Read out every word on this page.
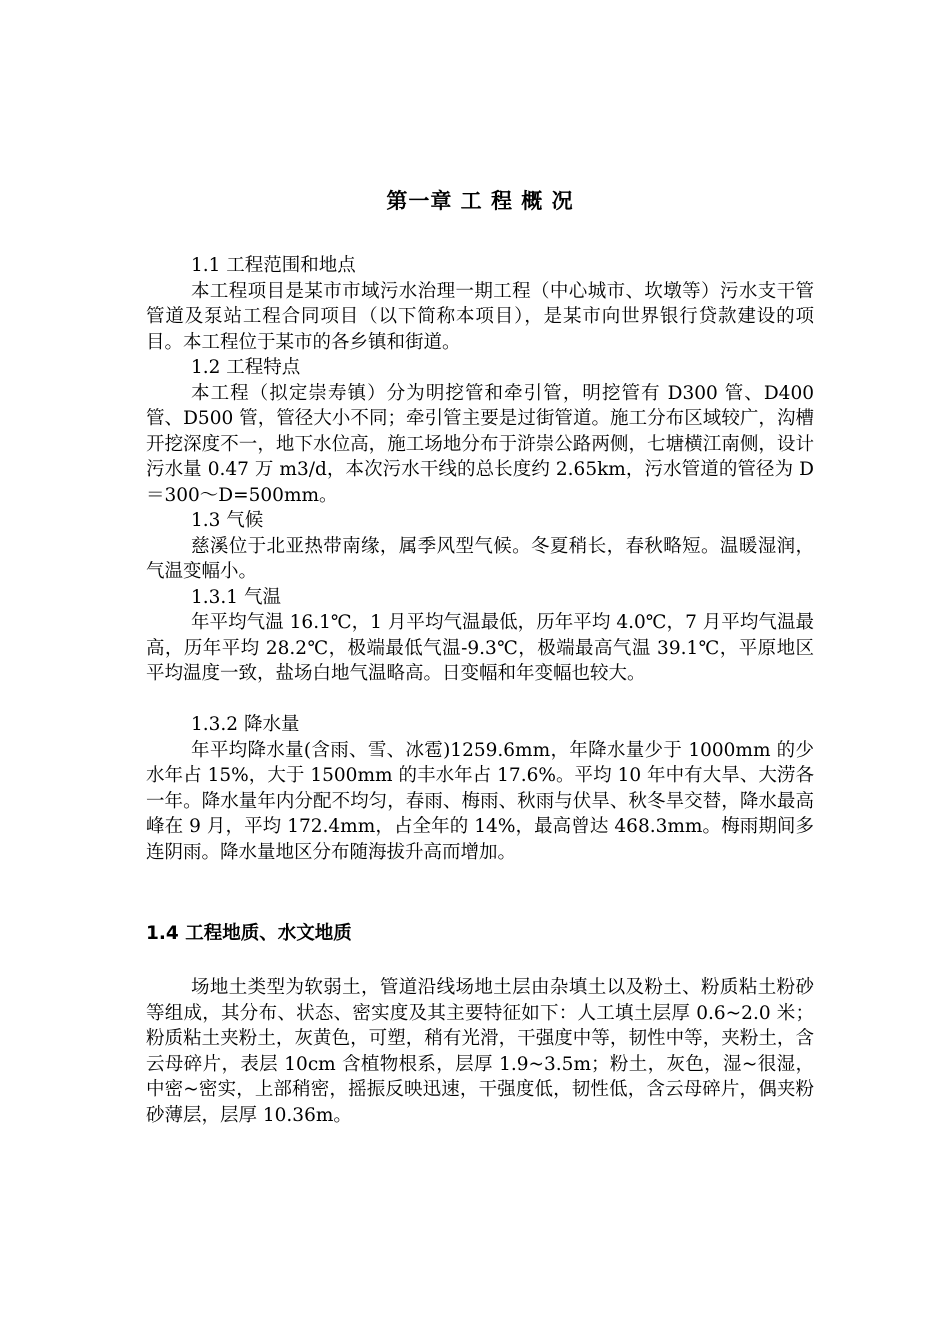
第一章 工 程 概 况

1.1 工程范围和地点

本工程项目是某市市域污水治理一期工程（中心城市、坎墩等）污水支干管管道及泵站工程合同项目（以下简称本项目），是某市向世界银行贷款建设的项目。本工程位于某市的各乡镇和街道。

1.2 工程特点

本工程（拟定崇寿镇）分为明挖管和牵引管，明挖管有 D300 管、D400 管、D500 管，管径大小不同；牵引管主要是过街管道。施工分布区域较广，沟槽开挖深度不一，地下水位高，施工场地分布于浒崇公路两侧，七塘横江南侧，设计污水量 0.47 万 m3/d，本次污水干线的总长度约 2.65km，污水管道的管径为 D＝300～D=500mm。

1.3 气候

慈溪位于北亚热带南缘，属季风型气候。冬夏稍长，春秋略短。温暖湿润，气温变幅小。

1.3.1 气温

年平均气温 16.1℃，1 月平均气温最低，历年平均 4.0℃，7 月平均气温最高，历年平均 28.2℃，极端最低气温-9.3℃，极端最高气温 39.1℃，平原地区平均温度一致，盐场白地气温略高。日变幅和年变幅也较大。

1.3.2 降水量

年平均降水量(含雨、雪、冰雹)1259.6mm，年降水量少于 1000mm 的少水年占 15%，大于 1500mm 的丰水年占 17.6%。平均 10 年中有大旱、大涝各一年。降水量年内分配不均匀，春雨、梅雨、秋雨与伏旱、秋冬旱交替，降水最高峰在 9 月，平均 172.4mm，占全年的 14%，最高曾达 468.3mm。梅雨期间多连阴雨。降水量地区分布随海拔升高而增加。

1.4 工程地质、水文地质

场地土类型为软弱土，管道沿线场地土层由杂填土以及粉土、粉质粘土粉砂等组成，其分布、状态、密实度及其主要特征如下：人工填土层厚 0.6~2.0 米；粉质粘土夹粉土，灰黄色，可塑，稍有光滑，干强度中等，韧性中等，夹粉土，含云母碎片，表层 10cm 含植物根系，层厚 1.9~3.5m；粉土，灰色，湿~很湿，中密~密实，上部稍密，摇振反映迅速，干强度低，韧性低，含云母碎片，偶夹粉砂薄层，层厚 10.36m。
